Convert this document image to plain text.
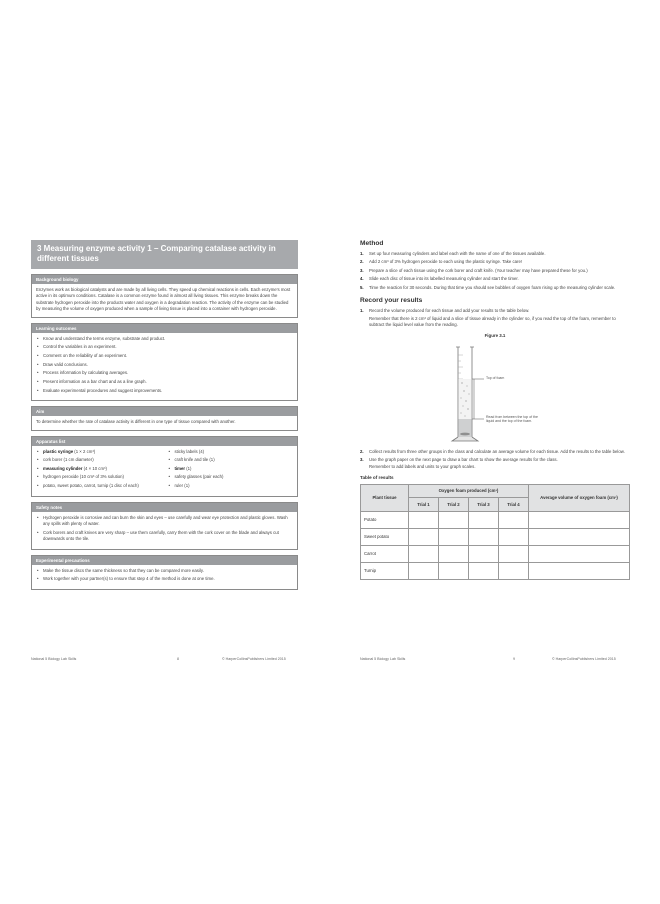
3 Measuring enzyme activity 1 – Comparing catalase activity in different tissues
Background biology
Enzymes work as biological catalysts and are made by all living cells. They speed up chemical reactions in cells. Each enzyme's most active in its optimum conditions. Catalase is a common enzyme found in almost all living tissues. This enzyme breaks down the substrate hydrogen peroxide into the products water and oxygen in a degradation reaction. The activity of the enzyme can be studied by measuring the volume of oxygen produced when a sample of living tissue is placed into a container with hydrogen peroxide.
Learning outcomes
• Know and understand the terms enzyme, substrate and product.
• Control the variables in an experiment.
• Comment on the reliability of an experiment.
• Draw valid conclusions.
• Process information by calculating averages.
• Present information as a bar chart and as a line graph.
• Evaluate experimental procedures and suggest improvements.
Aim
To determine whether the rate of catalase activity is different in one type of tissue compared with another.
Apparatus list
• plastic syringe (1 × 2 cm³)
• cork borer (1 cm diameter)
• measuring cylinder (4 × 10 cm³)
• hydrogen peroxide (10 cm³ of 3% solution)
• potato, sweet potato, carrot, turnip (1 disc of each)
• sticky labels (4)
• craft knife and tile (1)
• timer (1)
• safety glasses (pair each)
• ruler (1)
Safety notes
• Hydrogen peroxide is corrosive and can burn the skin and eyes – use carefully and wear eye protection and plastic gloves. Wash any spills with plenty of water.
• Cork borers and craft knives are very sharp – use them carefully, carry them with the cork cover on the blade and always cut downwards onto the tile.
Experimental precautions
• Make the tissue discs the same thickness so that they can be compared more easily.
• Work together with your partner(s) to ensure that step 4 of the method is done at one time.
National 5 Biology Lab Skills	8	© HarperCollinsPublishers Limited 2015
Method
1. Set up four measuring cylinders and label each with the name of one of the tissues available.
2. Add 2 cm³ of 3% hydrogen peroxide to each using the plastic syringe. Take care!
3. Prepare a slice of each tissue using the cork borer and craft knife. (Your teacher may have prepared these for you.)
4. Slide each disc of tissue into its labelled measuring cylinder and start the timer.
5. Time the reaction for 30 seconds. During that time you should see bubbles of oxygen foam rising up the measuring cylinder scale.
Record your results
1. Record the volume produced for each tissue and add your results to the table below.

Remember that there is 2 cm³ of liquid and a slice of tissue already in the cylinder so, if you read the top of the foam, remember to subtract the liquid level value from the reading.

Figure 3.1
Top of foam
Read from between the top of the liquid and the top of the foam.
2. Collect results from three other groups in the class and calculate an average volume for each tissue. Add the results to the table below.
3. Use the graph paper on the next page to draw a bar chart to show the average results for the class.

Remember to add labels and units to your graph scales.

Table of results
Plant tissue	Oxygen foam produced (cm³)				Average volume of oxygen foam (cm³)
	Trial 1	Trial 2	Trial 3	Trial 4	
Potato					
Sweet potato					
Carrot					
Turnip					
National 5 Biology Lab Skills	9	© HarperCollinsPublishers Limited 2015
